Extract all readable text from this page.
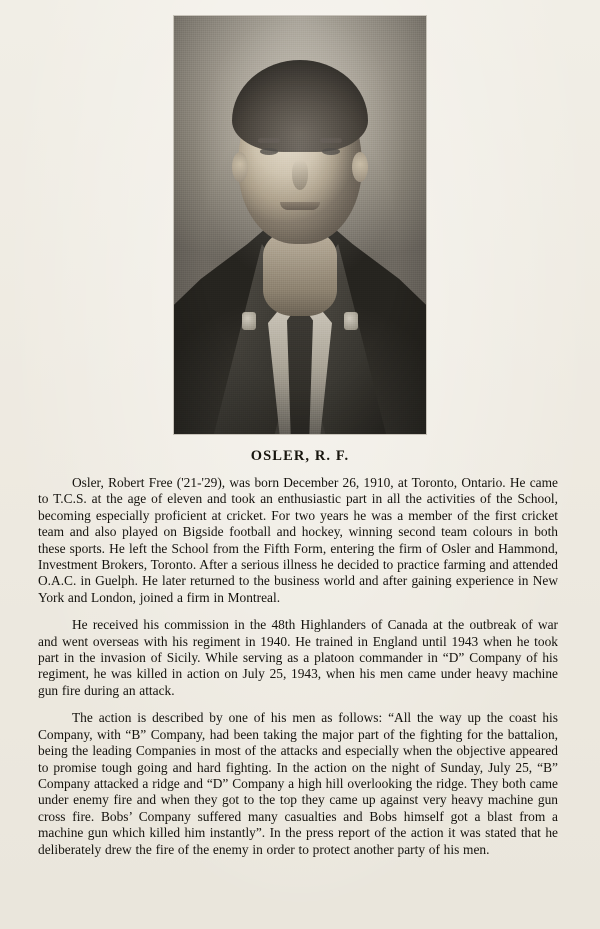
OSLER, R. F.

Osler, Robert Free ('21-'29), was born December 26, 1910, at Toronto, Ontario. He came to T.C.S. at the age of eleven and took an enthusiastic part in all the activities of the School, becoming especially proficient at cricket. For two years he was a member of the first cricket team and also played on Bigside football and hockey, winning second team colours in both these sports. He left the School from the Fifth Form, entering the firm of Osler and Hammond, Investment Brokers, Toronto. After a serious illness he decided to practice farming and attended O.A.C. in Guelph. He later returned to the business world and after gaining experience in New York and London, joined a firm in Montreal.

He received his commission in the 48th Highlanders of Canada at the outbreak of war and went overseas with his regiment in 1940. He trained in England until 1943 when he took part in the invasion of Sicily. While serving as a platoon commander in “D” Company of his regiment, he was killed in action on July 25, 1943, when his men came under heavy machine gun fire during an attack.

The action is described by one of his men as follows: “All the way up the coast his Company, with “B” Company, had been taking the major part of the fighting for the battalion, being the leading Companies in most of the attacks and especially when the objective appeared to promise tough going and hard fighting. In the action on the night of Sunday, July 25, “B” Company attacked a ridge and “D” Company a high hill overlooking the ridge. They both came under enemy fire and when they got to the top they came up against very heavy machine gun cross fire. Bobs’ Company suffered many casualties and Bobs himself got a blast from a machine gun which killed him instantly”. In the press report of the action it was stated that he deliberately drew the fire of the enemy in order to protect another party of his men.
